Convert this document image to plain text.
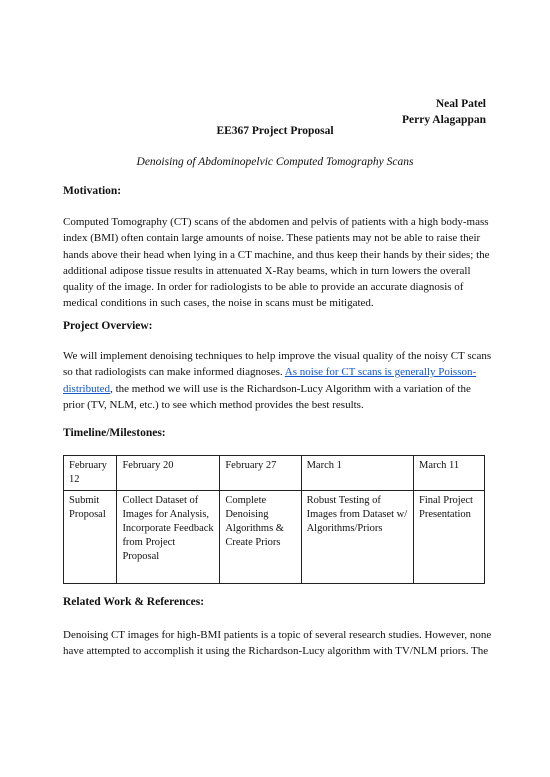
Neal Patel
Perry Alagappan
EE367 Project Proposal
Denoising of Abdominopelvic Computed Tomography Scans
Motivation:
Computed Tomography (CT) scans of the abdomen and pelvis of patients with a high body-mass index (BMI) often contain large amounts of noise. These patients may not be able to raise their hands above their head when lying in a CT machine, and thus keep their hands by their sides; the additional adipose tissue results in attenuated X-Ray beams, which in turn lowers the overall quality of the image. In order for radiologists to be able to provide an accurate diagnosis of medical conditions in such cases, the noise in scans must be mitigated.
Project Overview:
We will implement denoising techniques to help improve the visual quality of the noisy CT scans so that radiologists can make informed diagnoses. As noise for CT scans is generally Poisson-distributed, the method we will use is the Richardson-Lucy Algorithm with a variation of the prior (TV, NLM, etc.) to see which method provides the best results.
Timeline/Milestones:
February 12	February 20	February 27	March 1	March 11
Submit Proposal	Collect Dataset of Images for Analysis, Incorporate Feedback from Project Proposal	Complete Denoising Algorithms & Create Priors	Robust Testing of Images from Dataset w/ Algorithms/Priors	Final Project Presentation
Related Work & References:
Denoising CT images for high-BMI patients is a topic of several research studies. However, none have attempted to accomplish it using the Richardson-Lucy algorithm with TV/NLM priors. The
